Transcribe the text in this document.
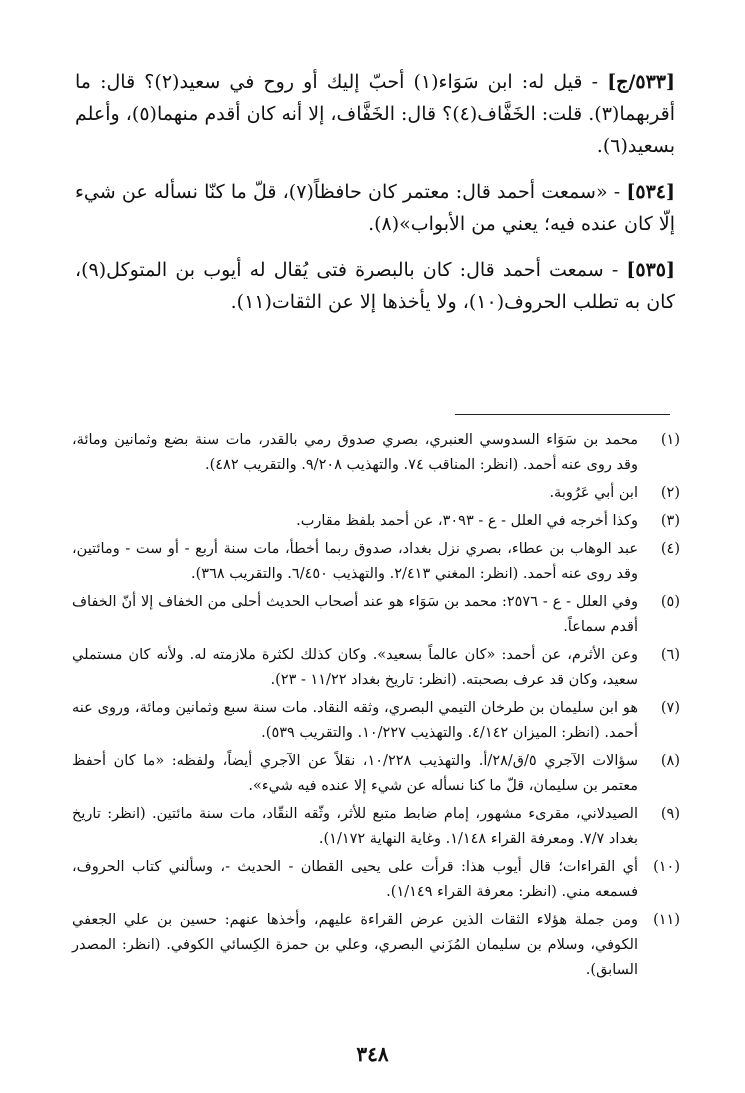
[٥٣٣/ج] - قيل له: ابن سَوَاء(١) أحبّ إليك أو روح في سعيد(٢)؟ قال: ما أقربهما(٣). قلت: الخَفَّاف(٤)؟ قال: الخَفَّاف، إلا أنه كان أقدم منهما(٥)، وأعلم بسعيد(٦).

[٥٣٤] - «سمعت أحمد قال: معتمر كان حافظاً(٧)، قلّ ما كنّا نسأله عن شيء إلّا كان عنده فيه؛ يعني من الأبواب»(٨).

[٥٣٥] - سمعت أحمد قال: كان بالبصرة فتى يُقال له أيوب بن المتوكل(٩)، كان به تطلب الحروف(١٠)، ولا يأخذها إلا عن الثقات(١١).

(١)
محمد بن سَوَاء السدوسي العنبري، بصري صدوق رمي بالقدر، مات سنة بضع وثمانين ومائة، وقد روى عنه أحمد. (انظر: المناقب ٧٤. والتهذيب ٩/٢٠٨. والتقريب ٤٨٢).
(٢)
ابن أبي عَرُوبة.
(٣)
وكذا أخرجه في العلل - ع - ٣٠٩٣، عن أحمد بلفظ مقارب.
(٤)
عبد الوهاب بن عطاء، بصري نزل بغداد، صدوق ربما أخطأ، مات سنة أربع - أو ست - ومائتين، وقد روى عنه أحمد. (انظر: المغني ٢/٤١٣. والتهذيب ٦/٤٥٠. والتقريب ٣٦٨).
(٥)
وفي العلل - ع - ٢٥٧٦: محمد بن سَوَاء هو عند أصحاب الحديث أحلى من الخفاف إلا أنّ الخفاف أقدم سماعاً.
(٦)
وعن الأثرم، عن أحمد: «كان عالماً بسعيد». وكان كذلك لكثرة ملازمته له. ولأنه كان مستملي سعيد، وكان قد عرف بصحبته. (انظر: تاريخ بغداد ١١/٢٢ - ٢٣).
(٧)
هو ابن سليمان بن طرخان التيمي البصري، وثقه النقاد. مات سنة سبع وثمانين ومائة، وروى عنه أحمد. (انظر: الميزان ٤/١٤٢. والتهذيب ١٠/٢٢٧. والتقريب ٥٣٩).
(٨)
سؤالات الآجري ٥/ق/٢٨/أ. والتهذيب ١٠/٢٢٨، نقلاً عن الآجري أيضاً، ولفظه: «ما كان أحفظ معتمر بن سليمان، قلّ ما كنا نسأله عن شيء إلا عنده فيه شيء».
(٩)
الصيدلاني، مقرىء مشهور، إمام ضابط متبع للأثر، وثّقه النقّاد، مات سنة مائتين. (انظر: تاريخ بغداد ٧/٧. ومعرفة القراء ١/١٤٨. وغاية النهاية ١/١٧٢).
(١٠)
أي القراءات؛ قال أيوب هذا: قرأت على يحيى القطان - الحديث -، وسألني كتاب الحروف، فسمعه مني. (انظر: معرفة القراء ١/١٤٩).
(١١)
ومن جملة هؤلاء الثقات الذين عرض القراءة عليهم، وأخذها عنهم: حسين بن علي الجعفي الكوفي، وسلام بن سليمان المُزَني البصري، وعلي بن حمزة الكِسائي الكوفي. (انظر: المصدر السابق).
٣٤٨
